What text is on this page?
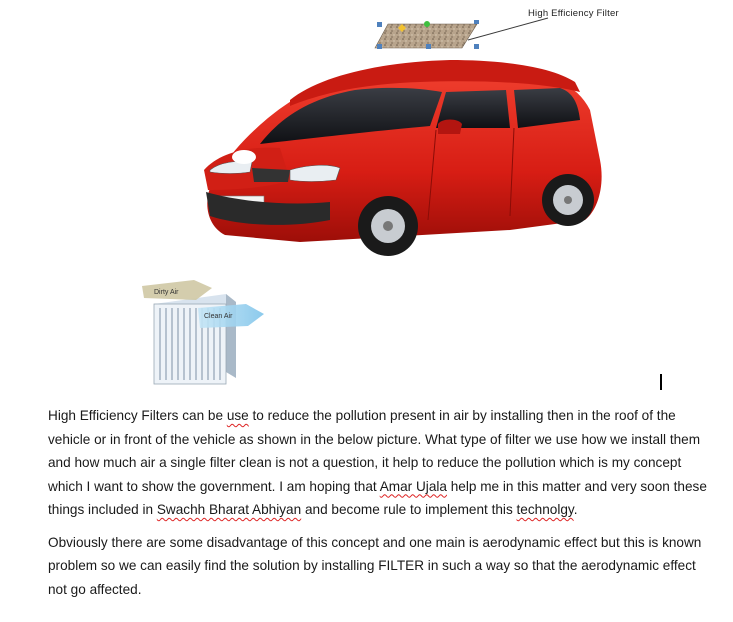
High Efficiency Filter
Dirty Air
Clean Air

High Efficiency Filters can be use to reduce the pollution present in air by installing then in the roof of the vehicle or in front of the vehicle as shown in the below picture. What type of filter we use how we install them and how much air a single filter clean is not a question, it help to reduce the pollution which is my concept which I want to show the government. I am hoping that Amar Ujala help me in this matter and very soon these things included in Swachh Bharat Abhiyan and become rule to implement this technolgy.

Obviously there are some disadvantage of this concept and one main is aerodynamic effect but this is known problem so we can easily find the solution by installing FILTER in such a way so that the aerodynamic effect not go affected.
